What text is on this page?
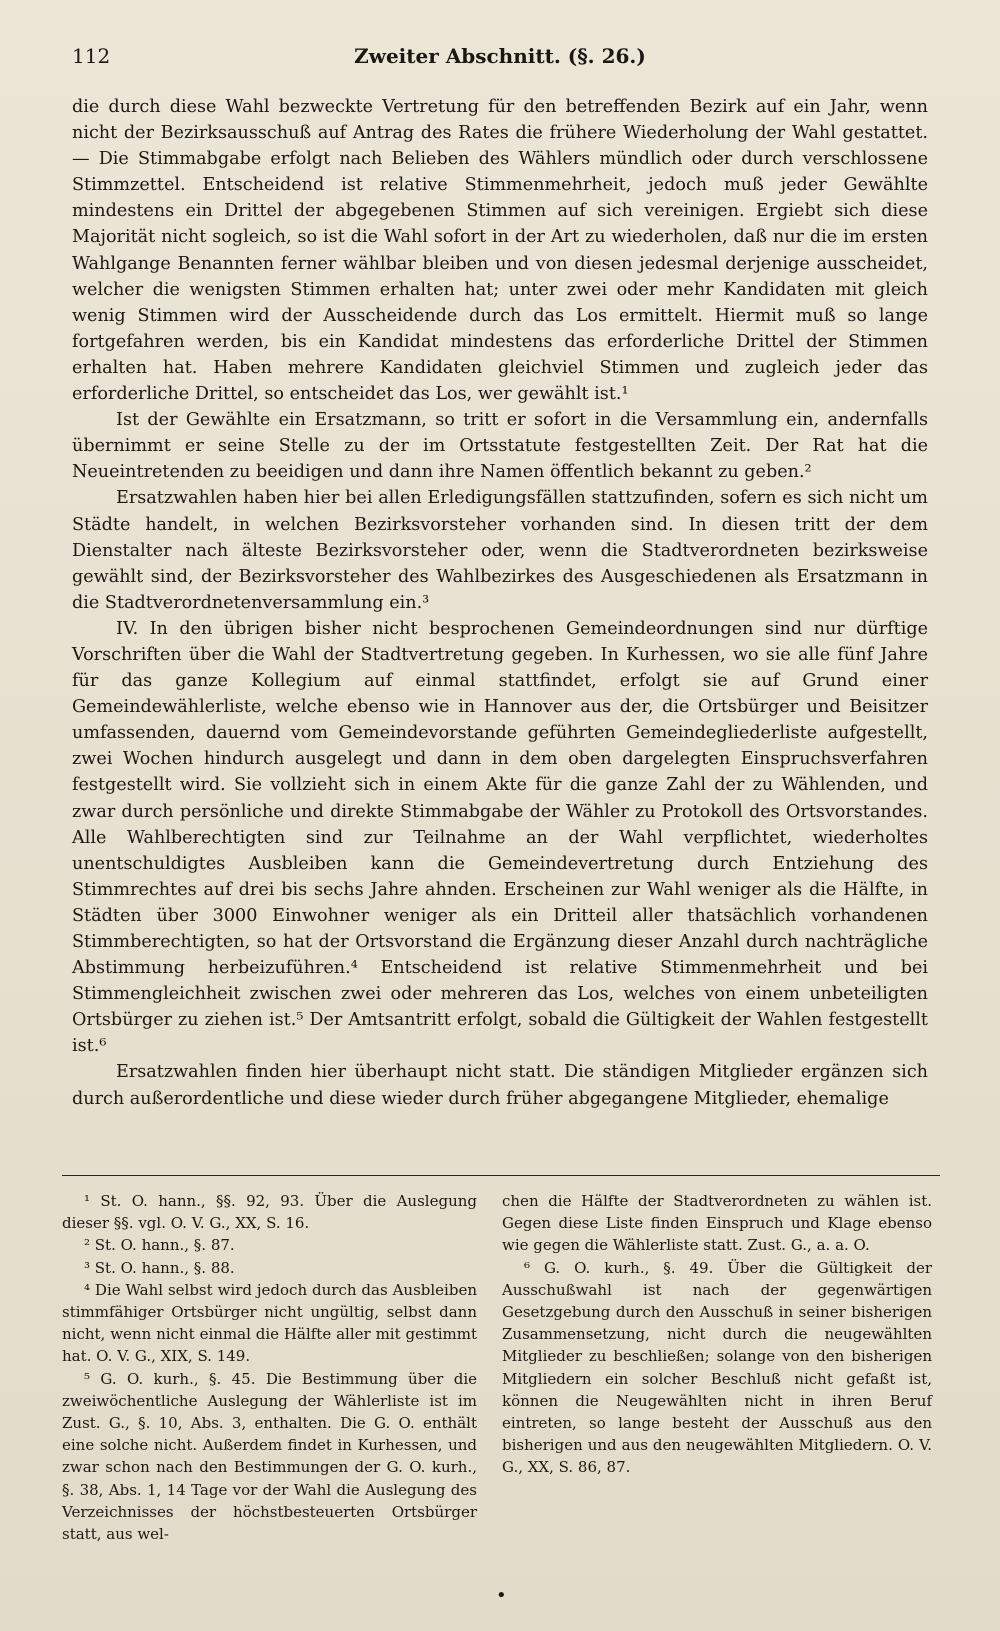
112	Zweiter Abschnitt. (§. 26.)

die durch diese Wahl bezweckte Vertretung für den betreffenden Bezirk auf ein Jahr, wenn nicht der Bezirksausschuß auf Antrag des Rates die frühere Wiederholung der Wahl gestattet. — Die Stimmabgabe erfolgt nach Belieben des Wählers mündlich oder durch verschlossene Stimmzettel. Entscheidend ist relative Stimmenmehrheit, jedoch muß jeder Gewählte mindestens ein Drittel der abgegebenen Stimmen auf sich vereinigen. Ergiebt sich diese Majorität nicht sogleich, so ist die Wahl sofort in der Art zu wiederholen, daß nur die im ersten Wahlgange Benannten ferner wählbar bleiben und von diesen jedesmal derjenige ausscheidet, welcher die wenigsten Stimmen erhalten hat; unter zwei oder mehr Kandidaten mit gleich wenig Stimmen wird der Ausscheidende durch das Los ermittelt. Hiermit muß so lange fortgefahren werden, bis ein Kandidat mindestens das erforderliche Drittel der Stimmen erhalten hat. Haben mehrere Kandidaten gleichviel Stimmen und zugleich jeder das erforderliche Drittel, so entscheidet das Los, wer gewählt ist.¹

Ist der Gewählte ein Ersatzmann, so tritt er sofort in die Versammlung ein, andernfalls übernimmt er seine Stelle zu der im Ortsstatute festgestellten Zeit. Der Rat hat die Neueintretenden zu beeidigen und dann ihre Namen öffentlich bekannt zu geben.²

Ersatzwahlen haben hier bei allen Erledigungsfällen stattzufinden, sofern es sich nicht um Städte handelt, in welchen Bezirksvorsteher vorhanden sind. In diesen tritt der dem Dienstalter nach älteste Bezirksvorsteher oder, wenn die Stadtverordneten bezirksweise gewählt sind, der Bezirksvorsteher des Wahlbezirkes des Ausgeschiedenen als Ersatzmann in die Stadtverordnetenversammlung ein.³

IV. In den übrigen bisher nicht besprochenen Gemeindeordnungen sind nur dürftige Vorschriften über die Wahl der Stadtvertretung gegeben. In Kurhessen, wo sie alle fünf Jahre für das ganze Kollegium auf einmal stattfindet, erfolgt sie auf Grund einer Gemeindewählerliste, welche ebenso wie in Hannover aus der, die Ortsbürger und Beisitzer umfassenden, dauernd vom Gemeindevorstande geführten Gemeindegliederliste aufgestellt, zwei Wochen hindurch ausgelegt und dann in dem oben dargelegten Einspruchsverfahren festgestellt wird. Sie vollzieht sich in einem Akte für die ganze Zahl der zu Wählenden, und zwar durch persönliche und direkte Stimmabgabe der Wähler zu Protokoll des Ortsvorstandes. Alle Wahlberechtigten sind zur Teilnahme an der Wahl verpflichtet, wiederholtes unentschuldigtes Ausbleiben kann die Gemeindevertretung durch Entziehung des Stimmrechtes auf drei bis sechs Jahre ahnden. Erscheinen zur Wahl weniger als die Hälfte, in Städten über 3000 Einwohner weniger als ein Dritteil aller thatsächlich vorhandenen Stimmberechtigten, so hat der Ortsvorstand die Ergänzung dieser Anzahl durch nachträgliche Abstimmung herbeizuführen.⁴ Entscheidend ist relative Stimmenmehrheit und bei Stimmengleichheit zwischen zwei oder mehreren das Los, welches von einem unbeteiligten Ortsbürger zu ziehen ist.⁵ Der Amtsantritt erfolgt, sobald die Gültigkeit der Wahlen festgestellt ist.⁶

Ersatzwahlen finden hier überhaupt nicht statt. Die ständigen Mitglieder ergänzen sich durch außerordentliche und diese wieder durch früher abgegangene Mitglieder, ehemalige

¹ St. O. hann., §§. 92, 93. Über die Auslegung dieser §§. vgl. O. V. G., XX, S. 16.

² St. O. hann., §. 87.

³ St. O. hann., §. 88.

⁴ Die Wahl selbst wird jedoch durch das Ausbleiben stimmfähiger Ortsbürger nicht ungültig, selbst dann nicht, wenn nicht einmal die Hälfte aller mit gestimmt hat. O. V. G., XIX, S. 149.

⁵ G. O. kurh., §. 45. Die Bestimmung über die zweiwöchentliche Auslegung der Wählerliste ist im Zust. G., §. 10, Abs. 3, enthalten. Die G. O. enthält eine solche nicht. Außerdem findet in Kurhessen, und zwar schon nach den Bestimmungen der G. O. kurh., §. 38, Abs. 1, 14 Tage vor der Wahl die Auslegung des Verzeichnisses der höchstbesteuerten Ortsbürger statt, aus wel-

chen die Hälfte der Stadtverordneten zu wählen ist. Gegen diese Liste finden Einspruch und Klage ebenso wie gegen die Wählerliste statt. Zust. G., a. a. O.

⁶ G. O. kurh., §. 49. Über die Gültigkeit der Ausschußwahl ist nach der gegenwärtigen Gesetzgebung durch den Ausschuß in seiner bisherigen Zusammensetzung, nicht durch die neugewählten Mitglieder zu beschließen; solange von den bisherigen Mitgliedern ein solcher Beschluß nicht gefaßt ist, können die Neugewählten nicht in ihren Beruf eintreten, so lange besteht der Ausschuß aus den bisherigen und aus den neugewählten Mitgliedern. O. V. G., XX, S. 86, 87.

•
